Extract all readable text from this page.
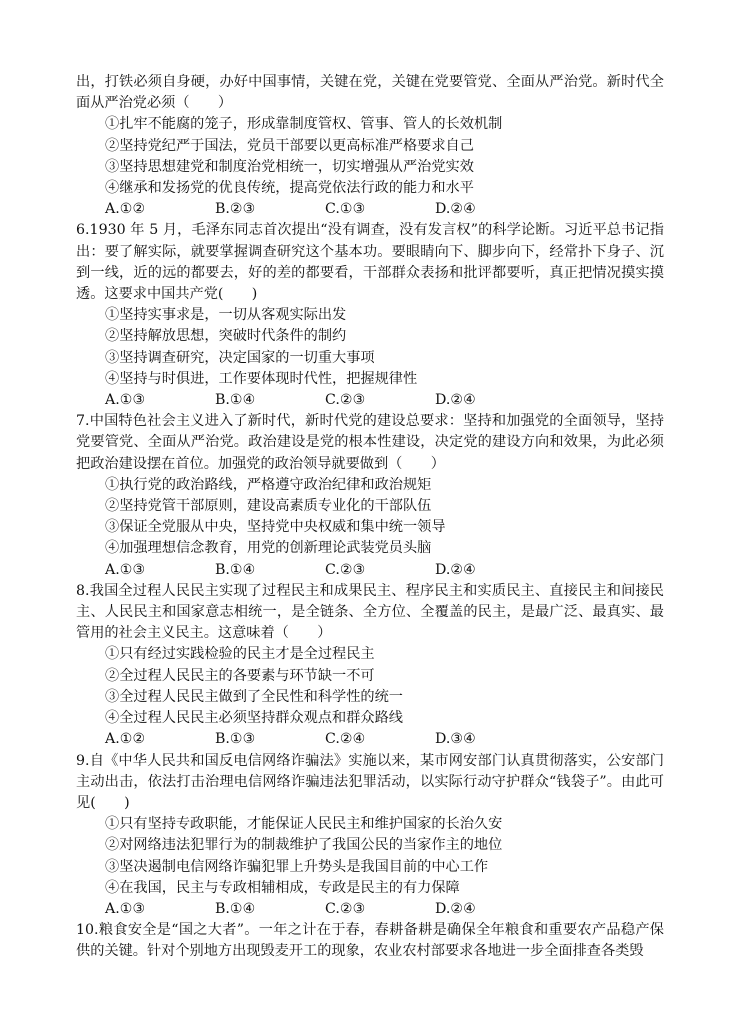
出，打铁必须自身硬，办好中国事情，关键在党，关键在党要管党、全面从严治党。新时代全面从严治党必须（　　）

①扎牢不能腐的笼子，形成靠制度管权、管事、管人的长效机制

②坚持党纪严于国法，党员干部要以更高标准严格要求自己

③坚持思想建党和制度治党相统一，切实增强从严治党实效

④继承和发扬党的优良传统，提高党依法行政的能力和水平

A.①②	B.②③	C.①③	D.②④

6.1930 年 5 月，毛泽东同志首次提出“没有调查，没有发言权”的科学论断。习近平总书记指出：要了解实际，就要掌握调查研究这个基本功。要眼睛向下、脚步向下，经常扑下身子、沉到一线，近的远的都要去，好的差的都要看，干部群众表扬和批评都要听，真正把情况摸实摸透。这要求中国共产党(　　)

①坚持实事求是，一切从客观实际出发

②坚持解放思想，突破时代条件的制约

③坚持调查研究，决定国家的一切重大事项

④坚持与时俱进，工作要体现时代性，把握规律性

A.①③	B.①④	C.②③	D.②④

7.中国特色社会主义进入了新时代，新时代党的建设总要求：坚持和加强党的全面领导，坚持党要管党、全面从严治党。政治建设是党的根本性建设，决定党的建设方向和效果，为此必须把政治建设摆在首位。加强党的政治领导就要做到（　　）

①执行党的政治路线，严格遵守政治纪律和政治规矩

②坚持党管干部原则，建设高素质专业化的干部队伍

③保证全党服从中央，坚持党中央权威和集中统一领导

④加强理想信念教育，用党的创新理论武装党员头脑

A.①③	B.①④	C.②③	D.②④

8.我国全过程人民民主实现了过程民主和成果民主、程序民主和实质民主、直接民主和间接民主、人民民主和国家意志相统一，是全链条、全方位、全覆盖的民主，是最广泛、最真实、最管用的社会主义民主。这意味着（　　）

①只有经过实践检验的民主才是全过程民主

②全过程人民民主的各要素与环节缺一不可

③全过程人民民主做到了全民性和科学性的统一

④全过程人民民主必须坚持群众观点和群众路线

A.①②	B.①③	C.②④	D.③④

9.自《中华人民共和国反电信网络诈骗法》实施以来，某市网安部门认真贯彻落实，公安部门主动出击，依法打击治理电信网络诈骗违法犯罪活动，以实际行动守护群众“钱袋子”。由此可见(　　)

①只有坚持专政职能，才能保证人民民主和维护国家的长治久安

②对网络违法犯罪行为的制裁维护了我国公民的当家作主的地位

③坚决遏制电信网络诈骗犯罪上升势头是我国目前的中心工作

④在我国，民主与专政相辅相成，专政是民主的有力保障

A.①③	B.①④	C.②③	D.②④

10.粮食安全是“国之大者”。一年之计在于春，春耕备耕是确保全年粮食和重要农产品稳产保供的关键。针对个别地方出现毁麦开工的现象，农业农村部要求各地进一步全面排查各类毁
